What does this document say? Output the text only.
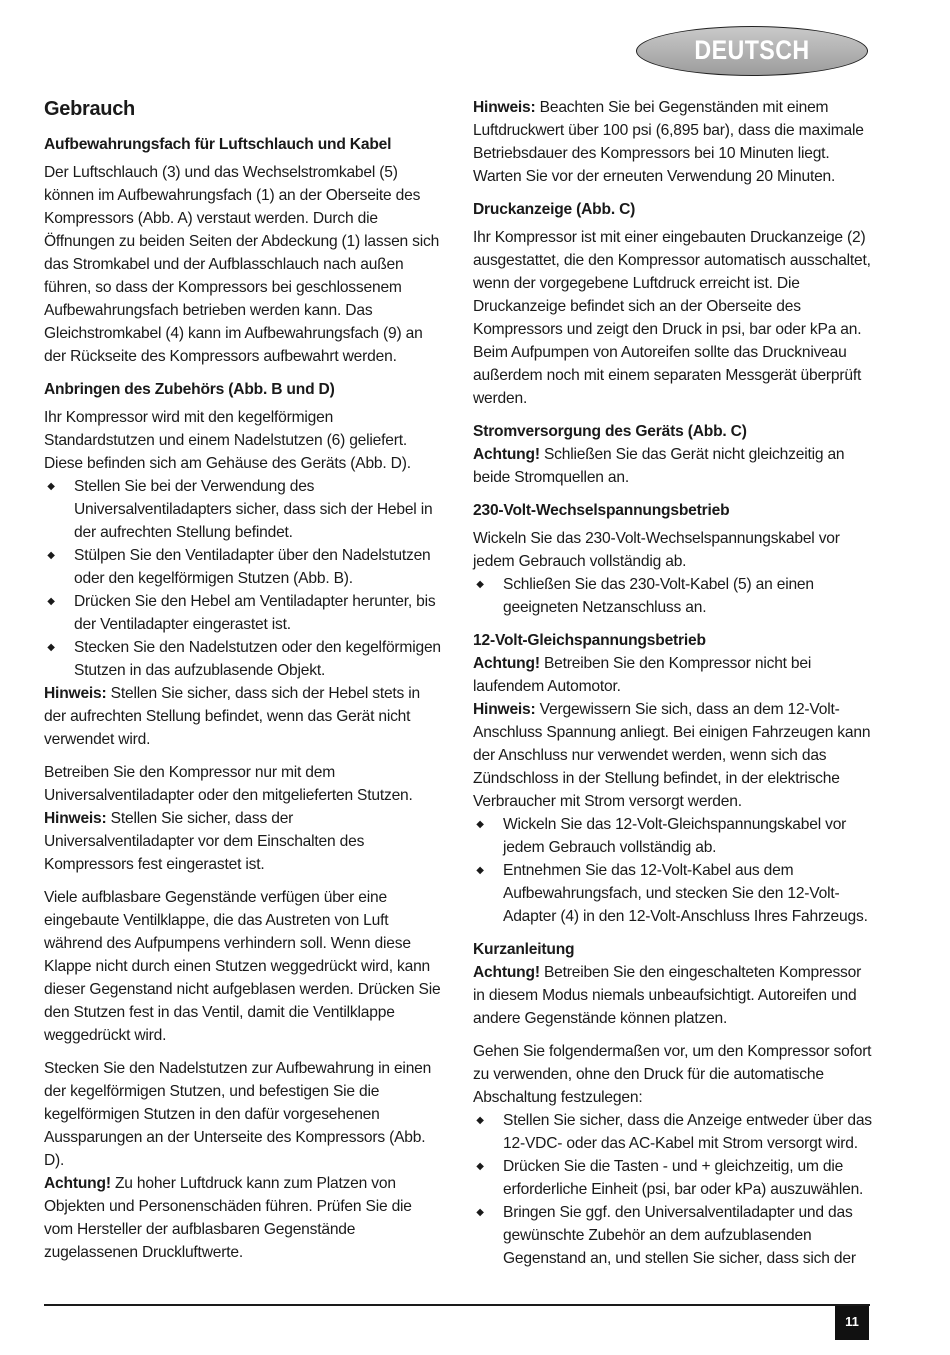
DEUTSCH
Gebrauch
Aufbewahrungsfach für Luftschlauch und Kabel

Der Luftschlauch (3) und das Wechselstromkabel (5) können im Aufbewahrungsfach (1) an der Oberseite des Kompressors (Abb. A) verstaut werden. Durch die Öffnungen zu beiden Seiten der Abdeckung (1) lassen sich das Stromkabel und der Aufblasschlauch nach außen führen, so dass der Kompressors bei geschlossenem Aufbewahrungsfach betrieben werden kann. Das Gleichstromkabel (4) kann im Aufbewahrungsfach (9) an der Rückseite des Kompressors aufbewahrt werden.

Anbringen des Zubehörs (Abb. B und D)

Ihr Kompressor wird mit den kegelförmigen Standardstutzen und einem Nadelstutzen (6) geliefert. Diese befinden sich am Gehäuse des Geräts (Abb. D).

◆ Stellen Sie bei der Verwendung des Universalventiladapters sicher, dass sich der Hebel in der aufrechten Stellung befindet.
◆ Stülpen Sie den Ventiladapter über den Nadelstutzen oder den kegelförmigen Stutzen (Abb. B).
◆ Drücken Sie den Hebel am Ventiladapter herunter, bis der Ventiladapter eingerastet ist.
◆ Stecken Sie den Nadelstutzen oder den kegelförmigen Stutzen in das aufzublasende Objekt.

Hinweis: Stellen Sie sicher, dass sich der Hebel stets in der aufrechten Stellung befindet, wenn das Gerät nicht verwendet wird.

Betreiben Sie den Kompressor nur mit dem Universalventiladapter oder den mitgelieferten Stutzen.

Hinweis: Stellen Sie sicher, dass der Universalventiladapter vor dem Einschalten des Kompressors fest eingerastet ist.

Viele aufblasbare Gegenstände verfügen über eine eingebaute Ventilklappe, die das Austreten von Luft während des Aufpumpens verhindern soll. Wenn diese Klappe nicht durch einen Stutzen weggedrückt wird, kann dieser Gegenstand nicht aufgeblasen werden. Drücken Sie den Stutzen fest in das Ventil, damit die Ventilklappe weggedrückt wird.

Stecken Sie den Nadelstutzen zur Aufbewahrung in einen der kegelförmigen Stutzen, und befestigen Sie die kegelförmigen Stutzen in den dafür vorgesehenen Aussparungen an der Unterseite des Kompressors (Abb. D).

Achtung! Zu hoher Luftdruck kann zum Platzen von Objekten und Personenschäden führen. Prüfen Sie die vom Hersteller der aufblasbaren Gegenstände zugelassenen Druckluftwerte.

Hinweis: Beachten Sie bei Gegenständen mit einem Luftdruckwert über 100 psi (6,895 bar), dass die maximale Betriebsdauer des Kompressors bei 10 Minuten liegt. Warten Sie vor der erneuten Verwendung 20 Minuten.

Druckanzeige (Abb. C)

Ihr Kompressor ist mit einer eingebauten Druckanzeige (2) ausgestattet, die den Kompressor automatisch ausschaltet, wenn der vorgegebene Luftdruck erreicht ist. Die Druckanzeige befindet sich an der Oberseite des Kompressors und zeigt den Druck in psi, bar oder kPa an. Beim Aufpumpen von Autoreifen sollte das Druckniveau außerdem noch mit einem separaten Messgerät überprüft werden.

Stromversorgung des Geräts (Abb. C)

Achtung! Schließen Sie das Gerät nicht gleichzeitig an beide Stromquellen an.

230-Volt-Wechselspannungsbetrieb

Wickeln Sie das 230-Volt-Wechselspannungskabel vor jedem Gebrauch vollständig ab.

◆ Schließen Sie das 230-Volt-Kabel (5) an einen geeigneten Netzanschluss an.
12-Volt-Gleichspannungsbetrieb

Achtung! Betreiben Sie den Kompressor nicht bei laufendem Automotor.

Hinweis: Vergewissern Sie sich, dass an dem 12-Volt-Anschluss Spannung anliegt. Bei einigen Fahrzeugen kann der Anschluss nur verwendet werden, wenn sich das Zündschloss in der Stellung befindet, in der elektrische Verbraucher mit Strom versorgt werden.

◆ Wickeln Sie das 12-Volt-Gleichspannungskabel vor jedem Gebrauch vollständig ab.
◆ Entnehmen Sie das 12-Volt-Kabel aus dem Aufbewahrungsfach, und stecken Sie den 12-Volt-Adapter (4) in den 12-Volt-Anschluss Ihres Fahrzeugs.
Kurzanleitung

Achtung! Betreiben Sie den eingeschalteten Kompressor in diesem Modus niemals unbeaufsichtigt. Autoreifen und andere Gegenstände können platzen.

Gehen Sie folgendermaßen vor, um den Kompressor sofort zu verwenden, ohne den Druck für die automatische Abschaltung festzulegen:

◆ Stellen Sie sicher, dass die Anzeige entweder über das 12-VDC- oder das AC-Kabel mit Strom versorgt wird.
◆ Drücken Sie die Tasten - und + gleichzeitig, um die erforderliche Einheit (psi, bar oder kPa) auszuwählen.
◆ Bringen Sie ggf. den Universalventiladapter und das gewünschte Zubehör an dem aufzublasenden Gegenstand an, und stellen Sie sicher, dass sich der
11
